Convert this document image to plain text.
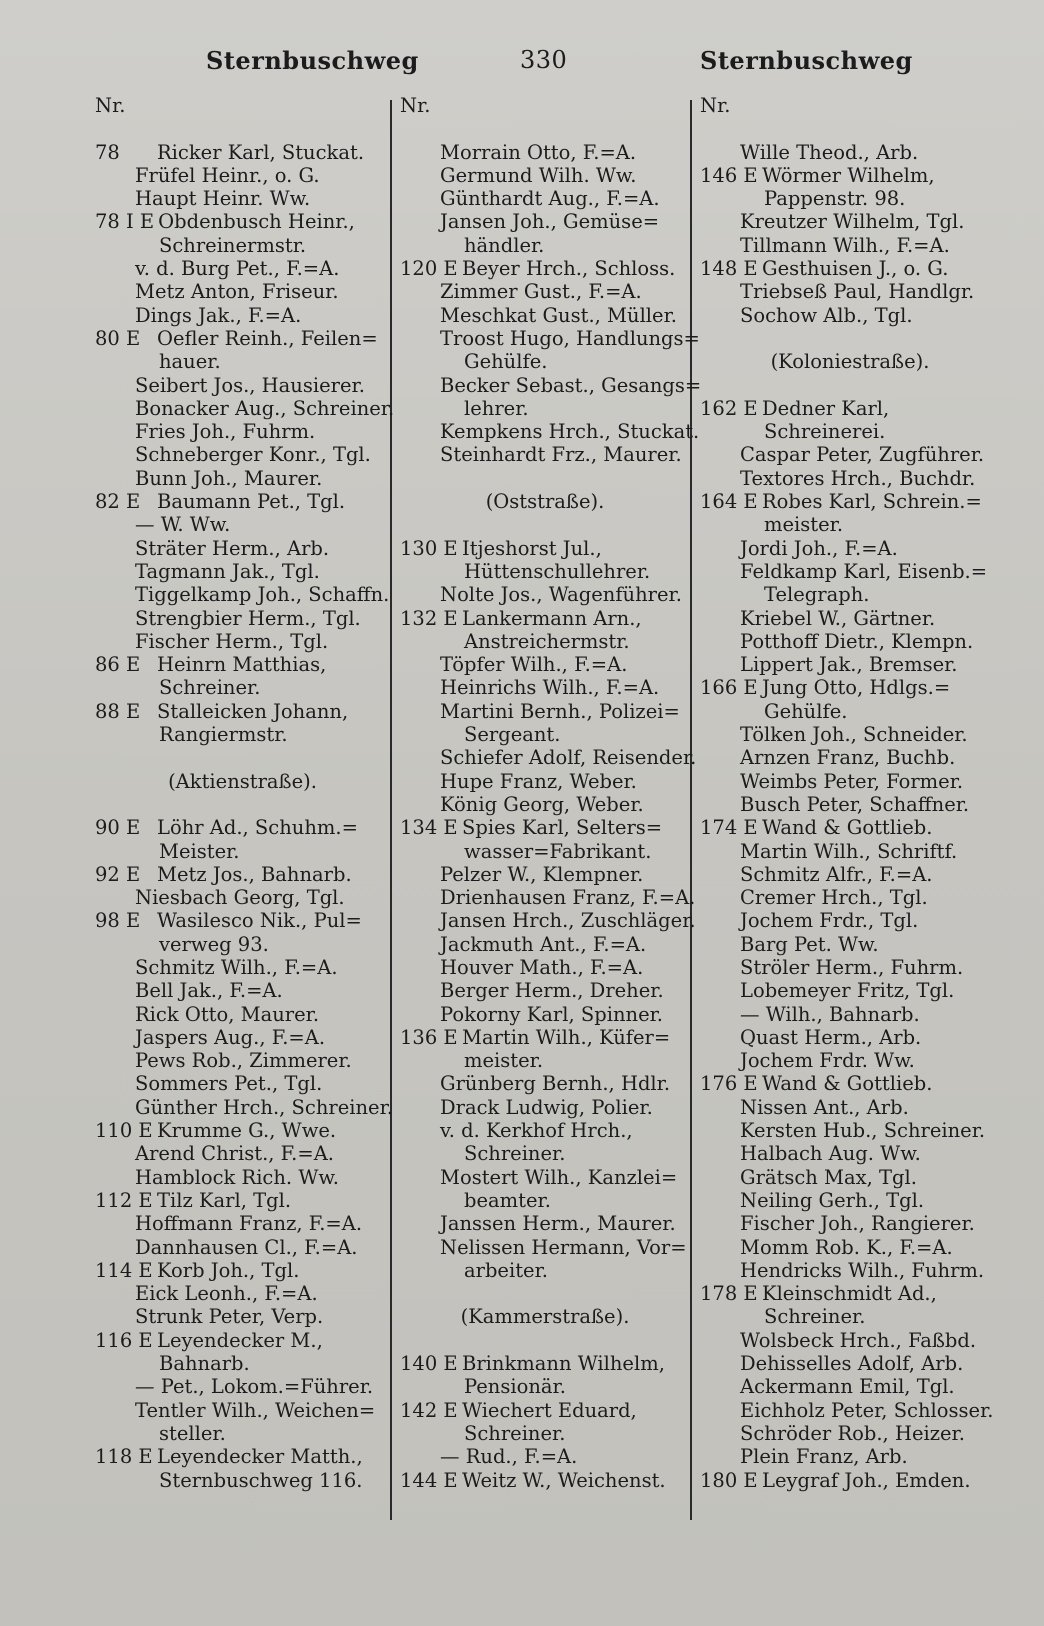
Sternbuschweg	330	Sternbuschweg
Nr.
78	Ricker Karl, Stuckat.
Früfel Heinr., o. G.
Haupt Heinr. Ww.
78 I E Obdenbusch Heinr.,
Schreinermstr.
v. d. Burg Pet., F.=A.
Metz Anton, Friseur.
Dings Jak., F.=A.
80 E Oefler Reinh., Feilen=
hauer.
Seibert Jos., Hausierer.
Bonacker Aug., Schreiner.
Fries Joh., Fuhrm.
Schneberger Konr., Tgl.
Bunn Joh., Maurer.
82 E Baumann Pet., Tgl.
— W. Ww.
Sträter Herm., Arb.
Tagmann Jak., Tgl.
Tiggelkamp Joh., Schaffn.
Strengbier Herm., Tgl.
Fischer Herm., Tgl.
86 E Heinrn Matthias,
Schreiner.
88 E Stalleicken Johann,
Rangiermstr.
(Aktienstraße).
90 E Löhr Ad., Schuhm.=
Meister.
92 E Metz Jos., Bahnarb.
Niesbach Georg, Tgl.
98 E Wasilesco Nik., Pul=
verweg 93.
Schmitz Wilh., F.=A.
Bell Jak., F.=A.
Rick Otto, Maurer.
Jaspers Aug., F.=A.
Pews Rob., Zimmerer.
Sommers Pet., Tgl.
Günther Hrch., Schreiner.
110 E Krumme G., Wwe.
Arend Christ., F.=A.
Hamblock Rich. Ww.
112 E Tilz Karl, Tgl.
Hoffmann Franz, F.=A.
Dannhausen Cl., F.=A.
114 E Korb Joh., Tgl.
Eick Leonh., F.=A.
Strunk Peter, Verp.
116 E Leyendecker M.,
Bahnarb.
— Pet., Lokom.=Führer.
Tentler Wilh., Weichen=
steller.
118 E Leyendecker Matth.,
Sternbuschweg 116.
Nr.
Morrain Otto, F.=A.
Germund Wilh. Ww.
Günthardt Aug., F.=A.
Jansen Joh., Gemüse=
händler.
120 E Beyer Hrch., Schloss.
Zimmer Gust., F.=A.
Meschkat Gust., Müller.
Troost Hugo, Handlungs=
Gehülfe.
Becker Sebast., Gesangs=
lehrer.
Kempkens Hrch., Stuckat.
Steinhardt Frz., Maurer.
(Oststraße).
130 E Itjeshorst Jul.,
Hüttenschullehrer.
Nolte Jos., Wagenführer.
132 E Lankermann Arn.,
Anstreichermstr.
Töpfer Wilh., F.=A.
Heinrichs Wilh., F.=A.
Martini Bernh., Polizei=
Sergeant.
Schiefer Adolf, Reisender.
Hupe Franz, Weber.
König Georg, Weber.
134 E Spies Karl, Selters=
wasser=Fabrikant.
Pelzer W., Klempner.
Drienhausen Franz, F.=A.
Jansen Hrch., Zuschläger.
Jackmuth Ant., F.=A.
Houver Math., F.=A.
Berger Herm., Dreher.
Pokorny Karl, Spinner.
136 E Martin Wilh., Küfer=
meister.
Grünberg Bernh., Hdlr.
Drack Ludwig, Polier.
v. d. Kerkhof Hrch.,
Schreiner.
Mostert Wilh., Kanzlei=
beamter.
Janssen Herm., Maurer.
Nelissen Hermann, Vor=
arbeiter.
(Kammerstraße).
140 E Brinkmann Wilhelm,
Pensionär.
142 E Wiechert Eduard,
Schreiner.
— Rud., F.=A.
144 E Weitz W., Weichenst.
Nr.
Wille Theod., Arb.
146 E Wörmer Wilhelm,
Pappenstr. 98.
Kreutzer Wilhelm, Tgl.
Tillmann Wilh., F.=A.
148 E Gesthuisen J., o. G.
Triebseß Paul, Handlgr.
Sochow Alb., Tgl.
(Koloniestraße).
162 E Dedner Karl,
Schreinerei.
Caspar Peter, Zugführer.
Textores Hrch., Buchdr.
164 E Robes Karl, Schrein.=
meister.
Jordi Joh., F.=A.
Feldkamp Karl, Eisenb.=
Telegraph.
Kriebel W., Gärtner.
Potthoff Dietr., Klempn.
Lippert Jak., Bremser.
166 E Jung Otto, Hdlgs.=
Gehülfe.
Tölken Joh., Schneider.
Arnzen Franz, Buchb.
Weimbs Peter, Former.
Busch Peter, Schaffner.
174 E Wand & Gottlieb.
Martin Wilh., Schriftf.
Schmitz Alfr., F.=A.
Cremer Hrch., Tgl.
Jochem Frdr., Tgl.
Barg Pet. Ww.
Ströler Herm., Fuhrm.
Lobemeyer Fritz, Tgl.
— Wilh., Bahnarb.
Quast Herm., Arb.
Jochem Frdr. Ww.
176 E Wand & Gottlieb.
Nissen Ant., Arb.
Kersten Hub., Schreiner.
Halbach Aug. Ww.
Grätsch Max, Tgl.
Neiling Gerh., Tgl.
Fischer Joh., Rangierer.
Momm Rob. K., F.=A.
Hendricks Wilh., Fuhrm.
178 E Kleinschmidt Ad.,
Schreiner.
Wolsbeck Hrch., Faßbd.
Dehisselles Adolf, Arb.
Ackermann Emil, Tgl.
Eichholz Peter, Schlosser.
Schröder Rob., Heizer.
Plein Franz, Arb.
180 E Leygraf Joh., Emden.
